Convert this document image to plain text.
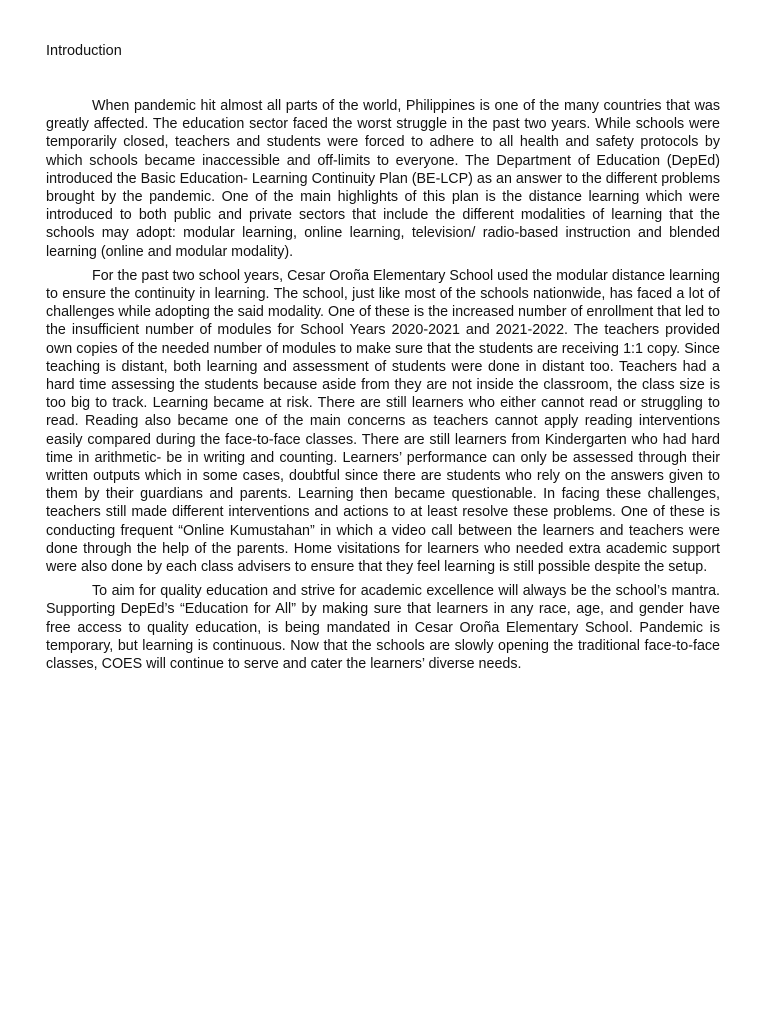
Introduction

When pandemic hit almost all parts of the world, Philippines is one of the many countries that was greatly affected. The education sector faced the worst struggle in the past two years. While schools were temporarily closed, teachers and students were forced to adhere to all health and safety protocols by which schools became inaccessible and off-limits to everyone. The Department of Education (DepEd) introduced the Basic Education- Learning Continuity Plan (BE-LCP) as an answer to the different problems brought by the pandemic. One of the main highlights of this plan is the distance learning which were introduced to both public and private sectors that include the different modalities of learning that the schools may adopt: modular learning, online learning, television/ radio-based instruction and blended learning (online and modular modality).

For the past two school years, Cesar Oroña Elementary School used the modular distance learning to ensure the continuity in learning. The school, just like most of the schools nationwide, has faced a lot of challenges while adopting the said modality. One of these is the increased number of enrollment that led to the insufficient number of modules for School Years 2020-2021 and 2021-2022. The teachers provided own copies of the needed number of modules to make sure that the students are receiving 1:1 copy. Since teaching is distant, both learning and assessment of students were done in distant too. Teachers had a hard time assessing the students because aside from they are not inside the classroom, the class size is too big to track. Learning became at risk. There are still learners who either cannot read or struggling to read. Reading also became one of the main concerns as teachers cannot apply reading interventions easily compared during the face-to-face classes. There are still learners from Kindergarten who had hard time in arithmetic- be in writing and counting. Learners’ performance can only be assessed through their written outputs which in some cases, doubtful since there are students who rely on the answers given to them by their guardians and parents. Learning then became questionable. In facing these challenges, teachers still made different interventions and actions to at least resolve these problems. One of these is conducting frequent “Online Kumustahan” in which a video call between the learners and teachers were done through the help of the parents. Home visitations for learners who needed extra academic support were also done by each class advisers to ensure that they feel learning is still possible despite the setup.

To aim for quality education and strive for academic excellence will always be the school’s mantra. Supporting DepEd’s “Education for All” by making sure that learners in any race, age, and gender have free access to quality education, is being mandated in Cesar Oroña Elementary School. Pandemic is temporary, but learning is continuous. Now that the schools are slowly opening the traditional face-to-face classes, COES will continue to serve and cater the learners’ diverse needs.
